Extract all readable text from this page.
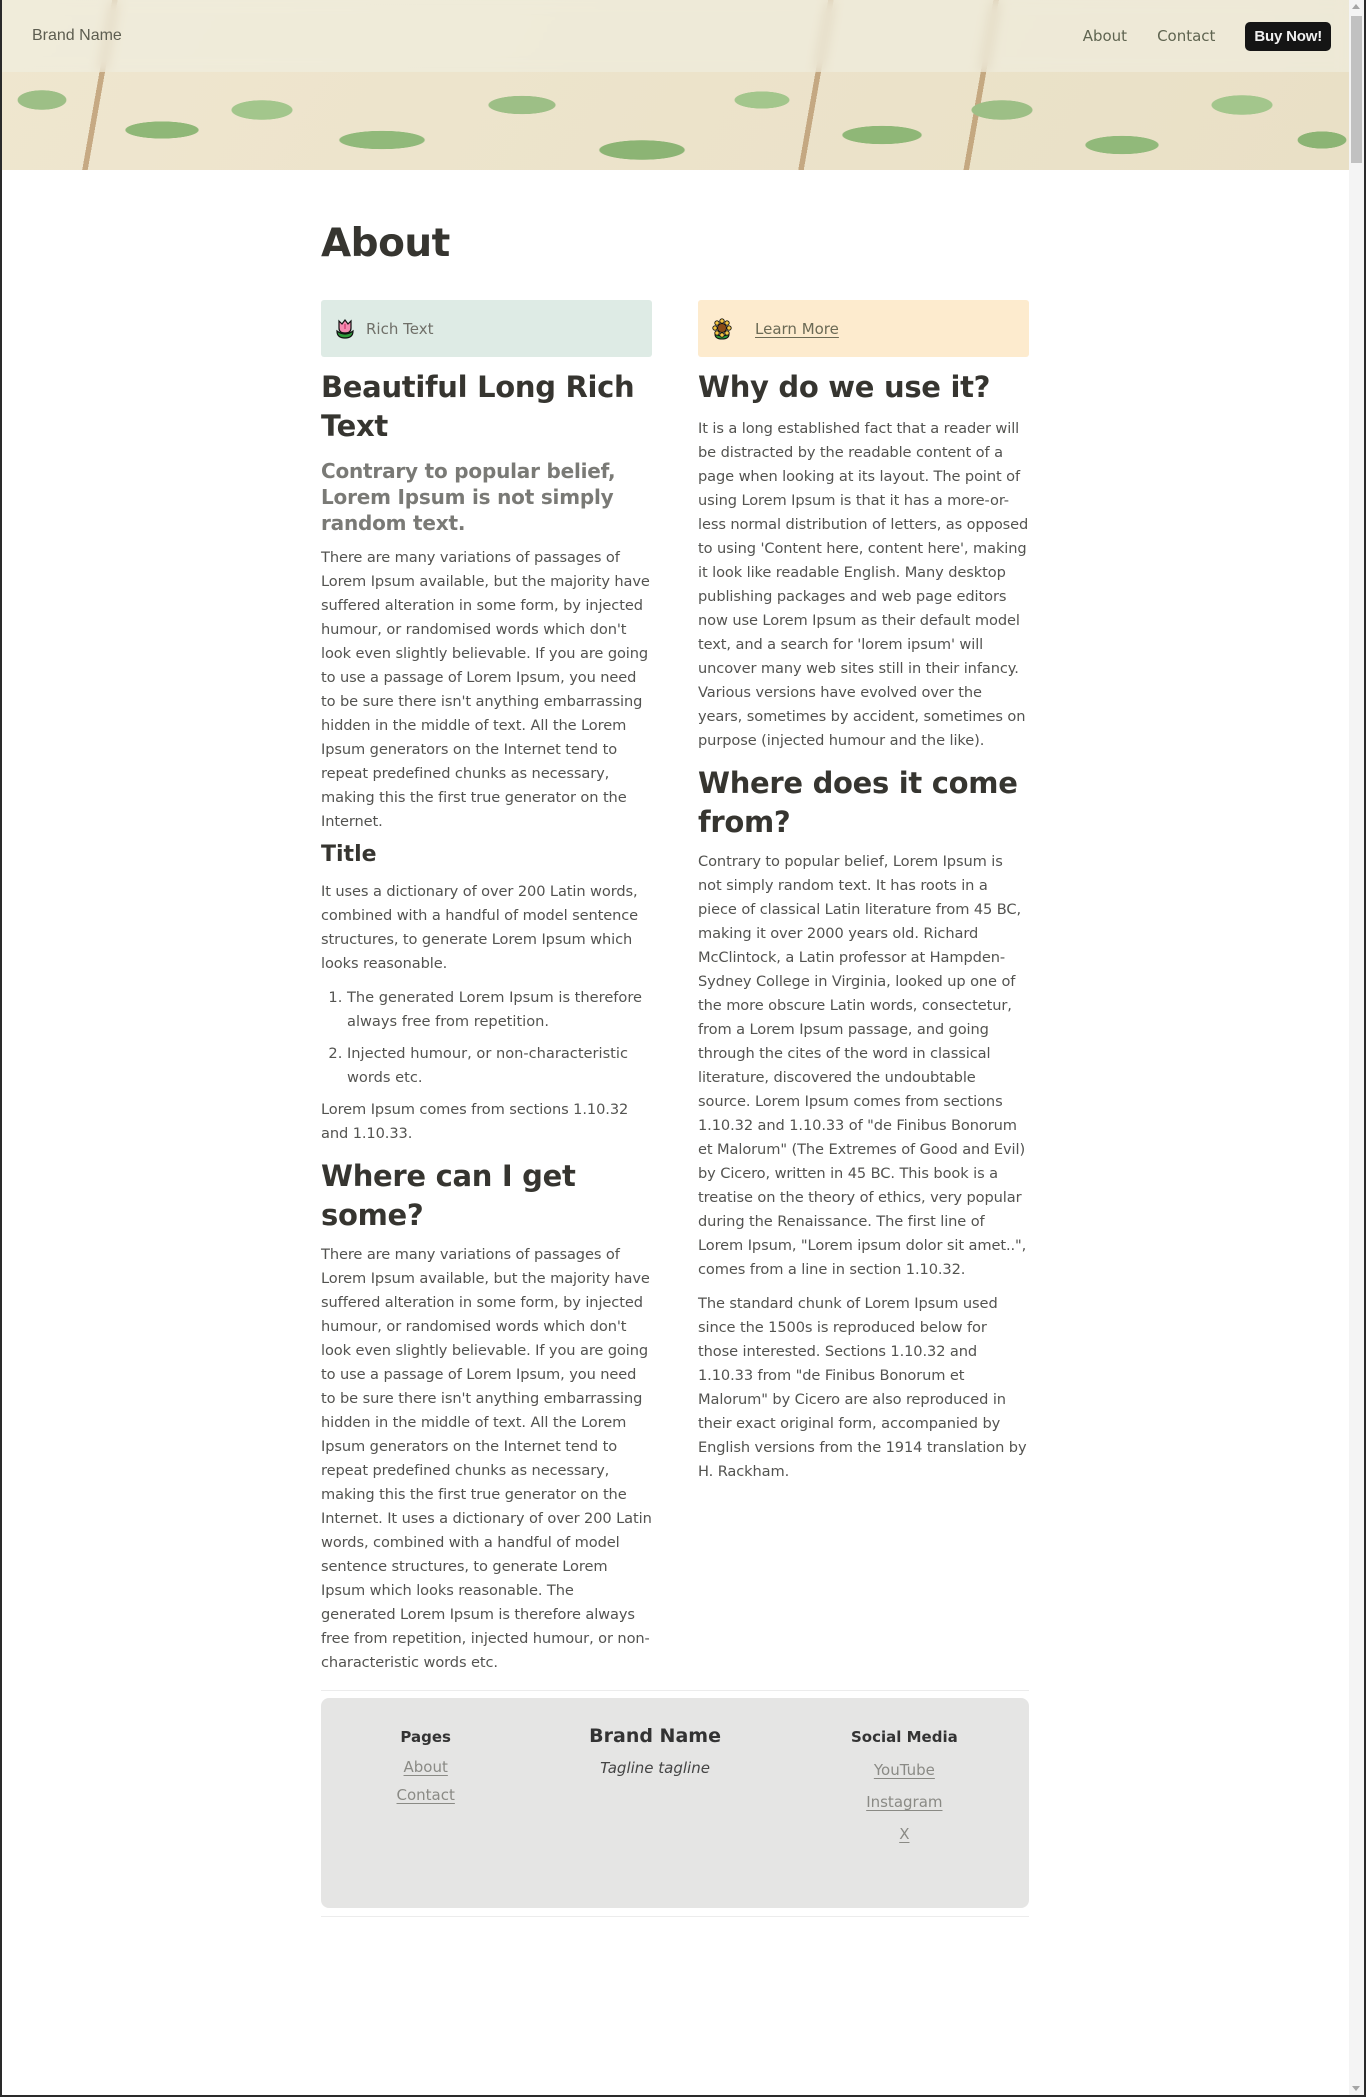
Brand Name	About Contact	Buy Now!
About
Rich Text
Beautiful Long Rich Text
Contrary to popular belief, Lorem Ipsum is not simply random text.

There are many variations of passages of Lorem Ipsum available, but the majority have suffered alteration in some form, by injected humour, or randomised words which don't look even slightly believable. If you are going to use a passage of Lorem Ipsum, you need to be sure there isn't anything embarrassing hidden in the middle of text. All the Lorem Ipsum generators on the Internet tend to repeat predefined chunks as necessary, making this the first true generator on the Internet.

Title

It uses a dictionary of over 200 Latin words, combined with a handful of model sentence structures, to generate Lorem Ipsum which looks reasonable.

1. The generated Lorem Ipsum is therefore always free from repetition.
2. Injected humour, or non-characteristic words etc.

Lorem Ipsum comes from sections 1.10.32 and 1.10.33.

Where can I get some?

There are many variations of passages of Lorem Ipsum available, but the majority have suffered alteration in some form, by injected humour, or randomised words which don't look even slightly believable. If you are going to use a passage of Lorem Ipsum, you need to be sure there isn't anything embarrassing hidden in the middle of text. All the Lorem Ipsum generators on the Internet tend to repeat predefined chunks as necessary, making this the first true generator on the Internet. It uses a dictionary of over 200 Latin words, combined with a handful of model sentence structures, to generate Lorem Ipsum which looks reasonable. The generated Lorem Ipsum is therefore always free from repetition, injected humour, or non-characteristic words etc.

Learn More
Why do we use it?

It is a long established fact that a reader will be distracted by the readable content of a page when looking at its layout. The point of using Lorem Ipsum is that it has a more-or-less normal distribution of letters, as opposed to using 'Content here, content here', making it look like readable English. Many desktop publishing packages and web page editors now use Lorem Ipsum as their default model text, and a search for 'lorem ipsum' will uncover many web sites still in their infancy. Various versions have evolved over the years, sometimes by accident, sometimes on purpose (injected humour and the like).

Where does it come from?

Contrary to popular belief, Lorem Ipsum is not simply random text. It has roots in a piece of classical Latin literature from 45 BC, making it over 2000 years old. Richard McClintock, a Latin professor at Hampden-Sydney College in Virginia, looked up one of the more obscure Latin words, consectetur, from a Lorem Ipsum passage, and going through the cites of the word in classical literature, discovered the undoubtable source. Lorem Ipsum comes from sections 1.10.32 and 1.10.33 of "de Finibus Bonorum et Malorum" (The Extremes of Good and Evil) by Cicero, written in 45 BC. This book is a treatise on the theory of ethics, very popular during the Renaissance. The first line of Lorem Ipsum, "Lorem ipsum dolor sit amet..", comes from a line in section 1.10.32.

The standard chunk of Lorem Ipsum used since the 1500s is reproduced below for those interested. Sections 1.10.32 and 1.10.33 from "de Finibus Bonorum et Malorum" by Cicero are also reproduced in their exact original form, accompanied by English versions from the 1914 translation by H. Rackham.

Pages
About
Contact
Brand Name
Tagline tagline
Social Media
YouTube
Instagram
X
